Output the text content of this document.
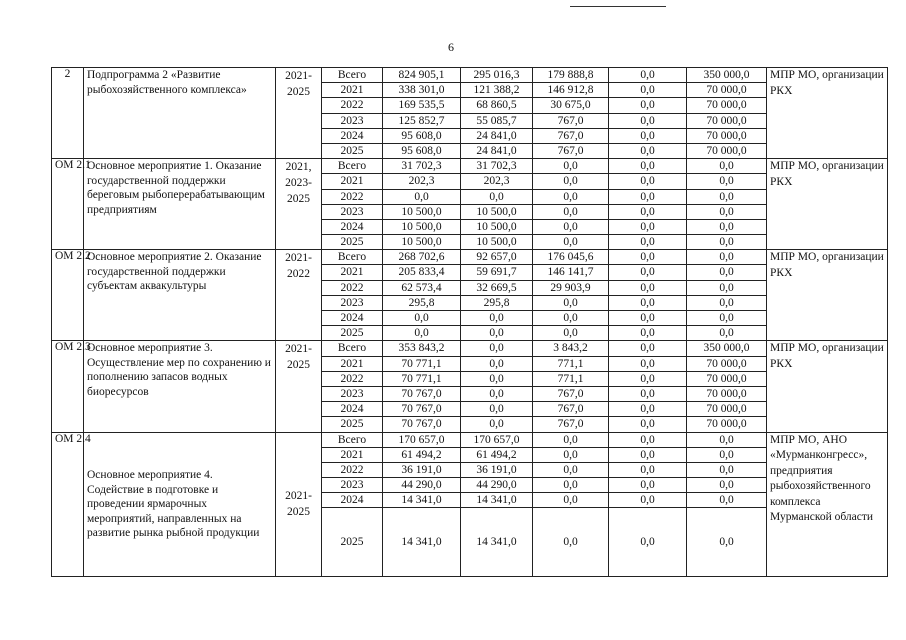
6
2	Подпрограмма 2 «Развитие рыбохозяйственного комплекса»	2021-2025	Всего	824 905,1	295 016,3	179 888,8	0,0	350 000,0	МПР МО, организации РКХ
			2021	338 301,0	121 388,2	146 912,8	0,0	70 000,0	
			2022	169 535,5	68 860,5	30 675,0	0,0	70 000,0	
			2023	125 852,7	55 085,7	767,0	0,0	70 000,0	
			2024	95 608,0	24 841,0	767,0	0,0	70 000,0	
			2025	95 608,0	24 841,0	767,0	0,0	70 000,0	
ОМ 2.1	Основное мероприятие 1. Оказание государственной поддержки береговым рыбоперерабатывающим предприятиям	2021, 2023-2025	Всего	31 702,3	31 702,3	0,0	0,0	0,0	МПР МО, организации РКХ
			2021	202,3	202,3	0,0	0,0	0,0	
			2022	0,0	0,0	0,0	0,0	0,0	
			2023	10 500,0	10 500,0	0,0	0,0	0,0	
			2024	10 500,0	10 500,0	0,0	0,0	0,0	
			2025	10 500,0	10 500,0	0,0	0,0	0,0	
ОМ 2.2	Основное мероприятие 2. Оказание государственной поддержки субъектам аквакультуры	2021-2022	Всего	268 702,6	92 657,0	176 045,6	0,0	0,0	МПР МО, организации РКХ
			2021	205 833,4	59 691,7	146 141,7	0,0	0,0	
			2022	62 573,4	32 669,5	29 903,9	0,0	0,0	
			2023	295,8	295,8	0,0	0,0	0,0	
			2024	0,0	0,0	0,0	0,0	0,0	
			2025	0,0	0,0	0,0	0,0	0,0	
ОМ 2.3	Основное мероприятие 3. Осуществление мер по сохранению и пополнению запасов водных биоресурсов	2021-2025	Всего	353 843,2	0,0	3 843,2	0,0	350 000,0	МПР МО, организации РКХ
			2021	70 771,1	0,0	771,1	0,0	70 000,0	
			2022	70 771,1	0,0	771,1	0,0	70 000,0	
			2023	70 767,0	0,0	767,0	0,0	70 000,0	
			2024	70 767,0	0,0	767,0	0,0	70 000,0	
			2025	70 767,0	0,0	767,0	0,0	70 000,0	
ОМ 2.4	Основное мероприятие 4. Содействие в подготовке и проведении ярмарочных мероприятий, направленных на развитие рынка рыбной продукции	2021-2025	Всего	170 657,0	170 657,0	0,0	0,0	0,0	МПР МО, АНО «Мурманконгресс», предприятия рыбохозяйственного комплекса Мурманской области
			2021	61 494,2	61 494,2	0,0	0,0	0,0	
			2022	36 191,0	36 191,0	0,0	0,0	0,0	
			2023	44 290,0	44 290,0	0,0	0,0	0,0	
			2024	14 341,0	14 341,0	0,0	0,0	0,0	
			2025	14 341,0	14 341,0	0,0	0,0	0,0	
